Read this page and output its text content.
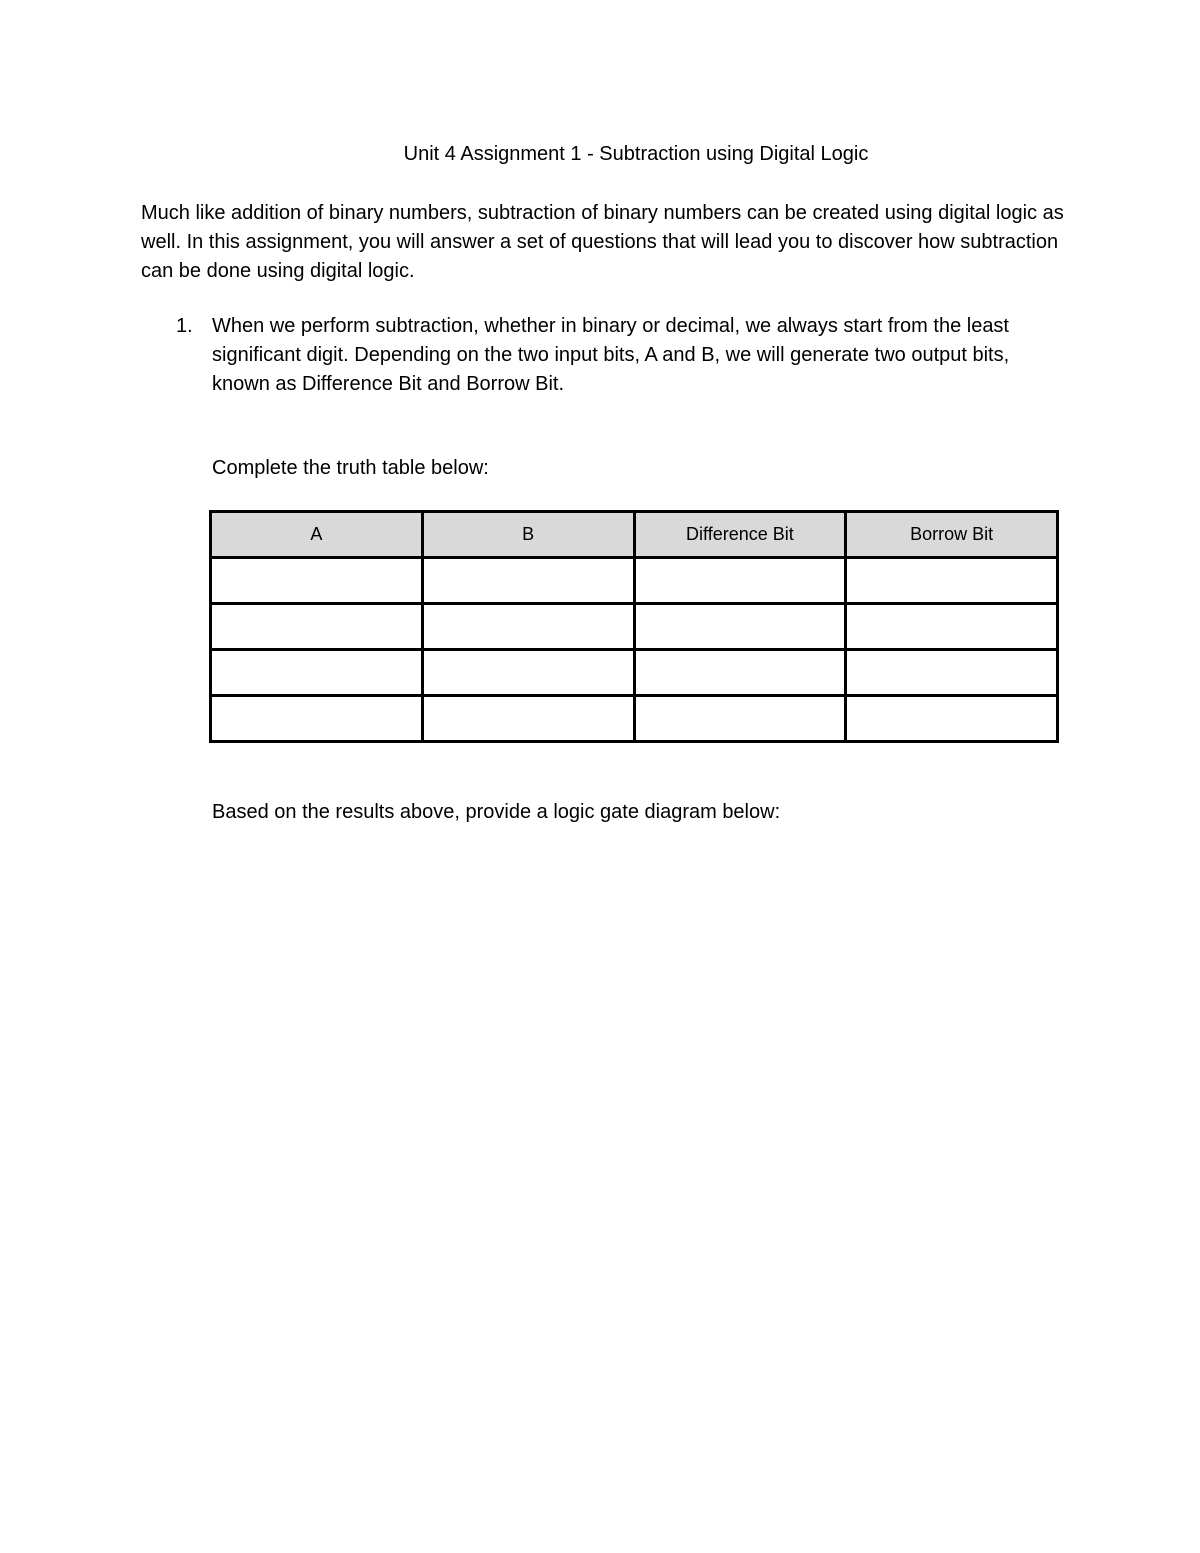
Unit 4 Assignment 1 - Subtraction using Digital Logic
Much like addition of binary numbers, subtraction of binary numbers can be created using digital logic as well. In this assignment, you will answer a set of questions that will lead you to discover how subtraction can be done using digital logic.
1. When we perform subtraction, whether in binary or decimal, we always start from the least significant digit. Depending on the two input bits, A and B, we will generate two output bits, known as Difference Bit and Borrow Bit.
Complete the truth table below:
A	B	Difference Bit	Borrow Bit

Based on the results above, provide a logic gate diagram below:
